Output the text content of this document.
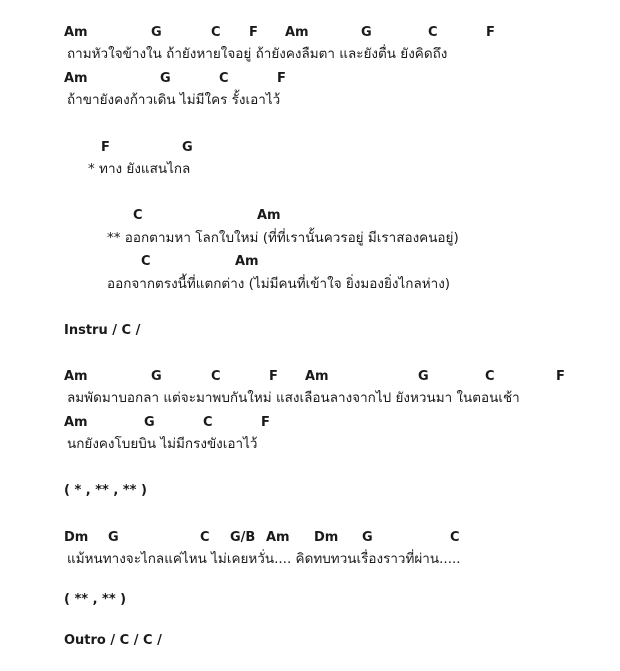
Am	G	C F Am	G	C	F
ถามหัวใจข้างใน ถ้ายังหายใจอยู่ ถ้ายังคงลืมตา และยังตื่น ยังคิดถึง
Am	G	C	F
ถ้าขายังคงก้าวเดิน ไม่มีใคร รั้งเอาไว้
F	G
* ทาง ยังแสนไกล
C	Am
** ออกตามหา โลกใบใหม่ (ที่ที่เรานั้นควรอยู่ มีเราสองคนอยู่)
C	Am
ออกจากตรงนี้ที่แตกต่าง (ไม่มีคนที่เข้าใจ ยิ่งมองยิ่งไกลห่าง)
Instru / C /
Am	G	C	F Am	G	C	F
ลมพัดมาบอกลา แต่จะมาพบกันใหม่ แสงเลือนลางจากไป ยังหวนมา ในตอนเช้า
Am	G	C	F
นกยังคงโบยบิน ไม่มีกรงขังเอาไว้
( * , ** , ** )
Dm G	C G/B Am Dm G	C
แม้หนทางจะไกลแค่ไหน ไม่เคยหวั่น.... คิดทบทวนเรื่องราวที่ผ่าน.....
( ** , ** )
Outro / C / C /
